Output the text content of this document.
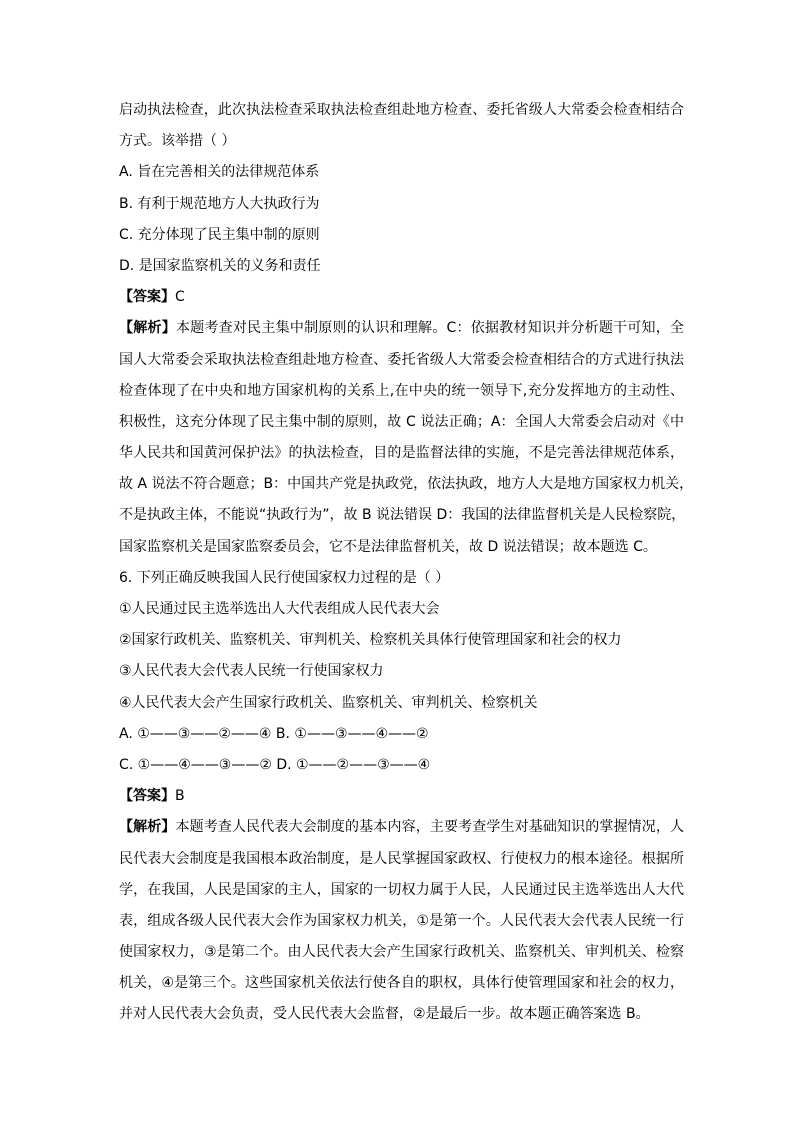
启动执法检查，此次执法检查采取执法检查组赴地方检查、委托省级人大常委会检查相结合
方式。该举措（ ）
A. 旨在完善相关的法律规范体系
B. 有利于规范地方人大执政行为
C. 充分体现了民主集中制的原则
D. 是国家监察机关的义务和责任
【答案】C
【解析】本题考查对民主集中制原则的认识和理解。C：依据教材知识并分析题干可知，全
国人大常委会采取执法检查组赴地方检查、委托省级人大常委会检查相结合的方式进行执法
检查体现了在中央和地方国家机构的关系上,在中央的统一领导下,充分发挥地方的主动性、
积极性，这充分体现了民主集中制的原则，故 C 说法正确；A：全国人大常委会启动对《中
华人民共和国黄河保护法》的执法检查，目的是监督法律的实施，不是完善法律规范体系，
故 A 说法不符合题意；B：中国共产党是执政党，依法执政，地方人大是地方国家权力机关，
不是执政主体，不能说“执政行为”，故 B 说法错误 D：我国的法律监督机关是人民检察院，
国家监察机关是国家监察委员会，它不是法律监督机关，故 D 说法错误；故本题选 C。
6. 下列正确反映我国人民行使国家权力过程的是（ ）
①人民通过民主选举选出人大代表组成人民代表大会
②国家行政机关、监察机关、审判机关、检察机关具体行使管理国家和社会的权力
③人民代表大会代表人民统一行使国家权力
④人民代表大会产生国家行政机关、监察机关、审判机关、检察机关
A. ①——③——②——④ B. ①——③——④——②
C. ①——④——③——② D. ①——②——③——④
【答案】B
【解析】本题考查人民代表大会制度的基本内容，主要考查学生对基础知识的掌握情况，人
民代表大会制度是我国根本政治制度，是人民掌握国家政权、行使权力的根本途径。根据所
学，在我国，人民是国家的主人，国家的一切权力属于人民，人民通过民主选举选出人大代
表，组成各级人民代表大会作为国家权力机关，①是第一个。人民代表大会代表人民统一行
使国家权力，③是第二个。由人民代表大会产生国家行政机关、监察机关、审判机关、检察
机关，④是第三个。这些国家机关依法行使各自的职权，具体行使管理国家和社会的权力，
并对人民代表大会负责，受人民代表大会监督，②是最后一步。故本题正确答案选 B。
